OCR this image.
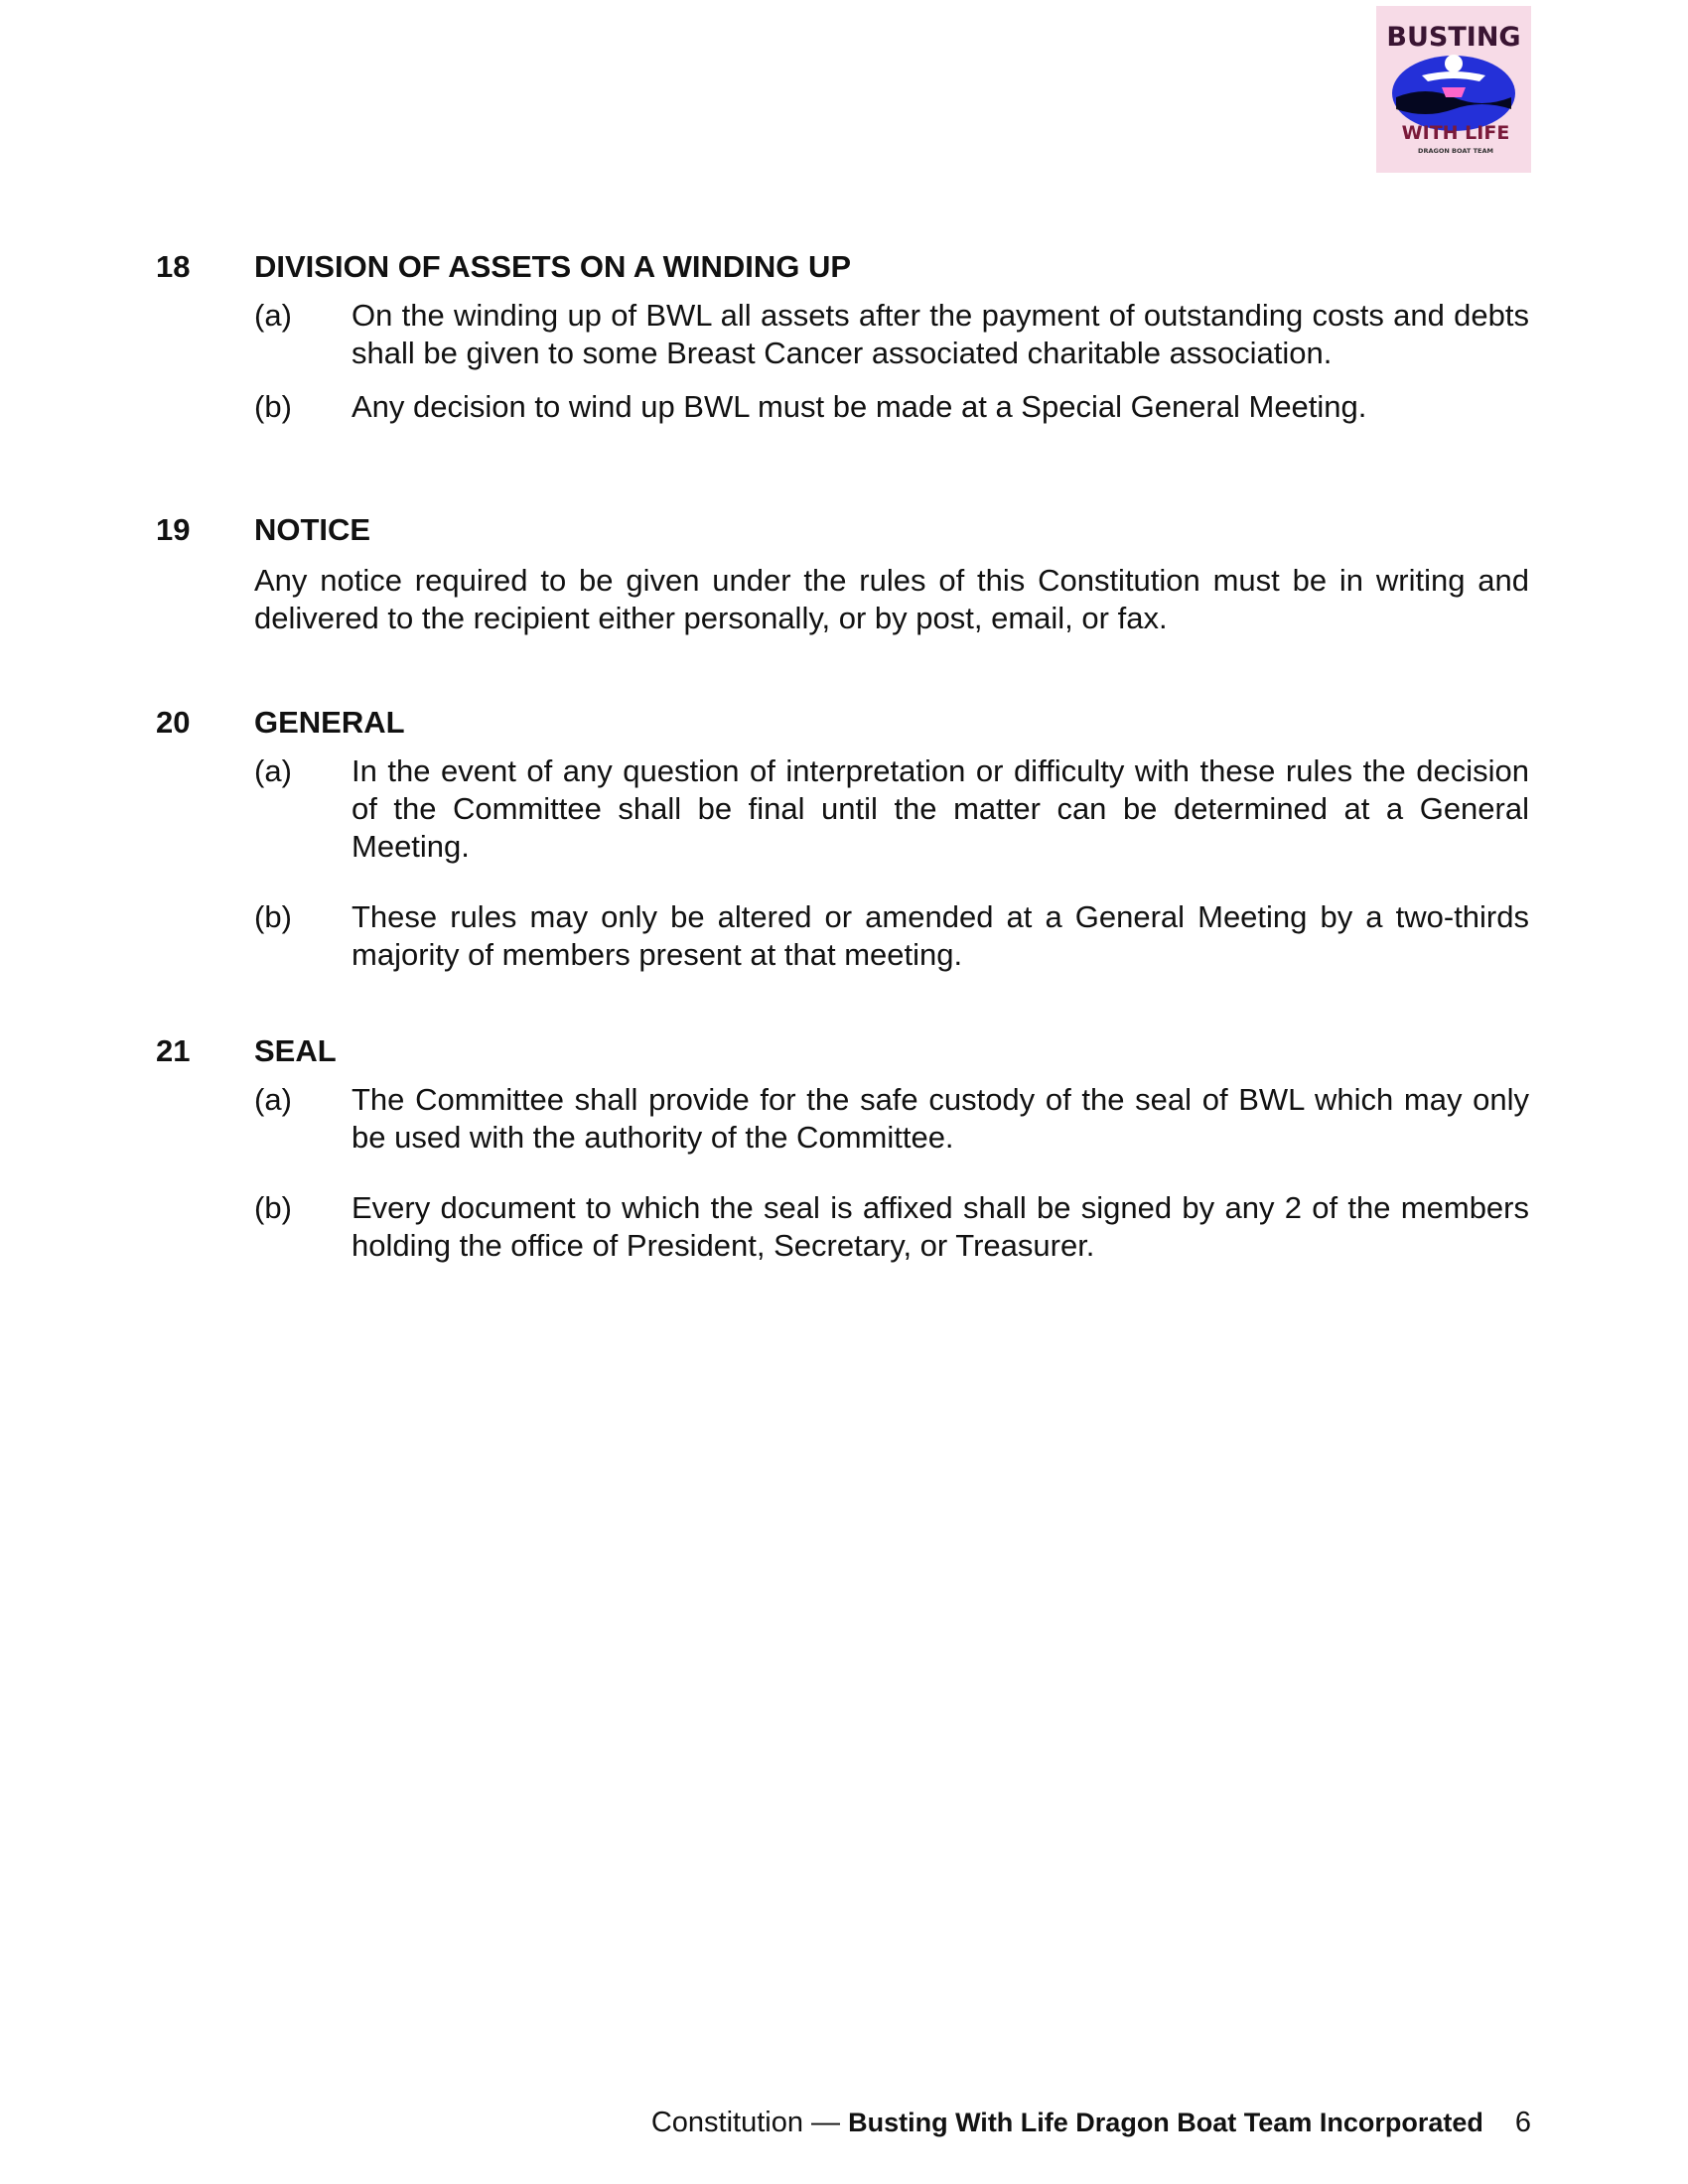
BUSTING
WITH LIFE
DRAGON BOAT TEAM
18 DIVISION OF ASSETS ON A WINDING UP
(a) On the winding up of BWL all assets after the payment of outstanding costs and debts shall be given to some Breast Cancer associated charitable association.
(b) Any decision to wind up BWL must be made at a Special General Meeting.
19 NOTICE
Any notice required to be given under the rules of this Constitution must be in writing and delivered to the recipient either personally, or by post, email, or fax.
20 GENERAL
(a) In the event of any question of interpretation or difficulty with these rules the decision of the Committee shall be final until the matter can be determined at a General Meeting.
(b) These rules may only be altered or amended at a General Meeting by a two-thirds majority of members present at that meeting.
21 SEAL
(a) The Committee shall provide for the safe custody of the seal of BWL which may only be used with the authority of the Committee.
(b) Every document to which the seal is affixed shall be signed by any 2 of the members holding the office of President, Secretary, or Treasurer.
Constitution — Busting With Life Dragon Boat Team Incorporated 6
